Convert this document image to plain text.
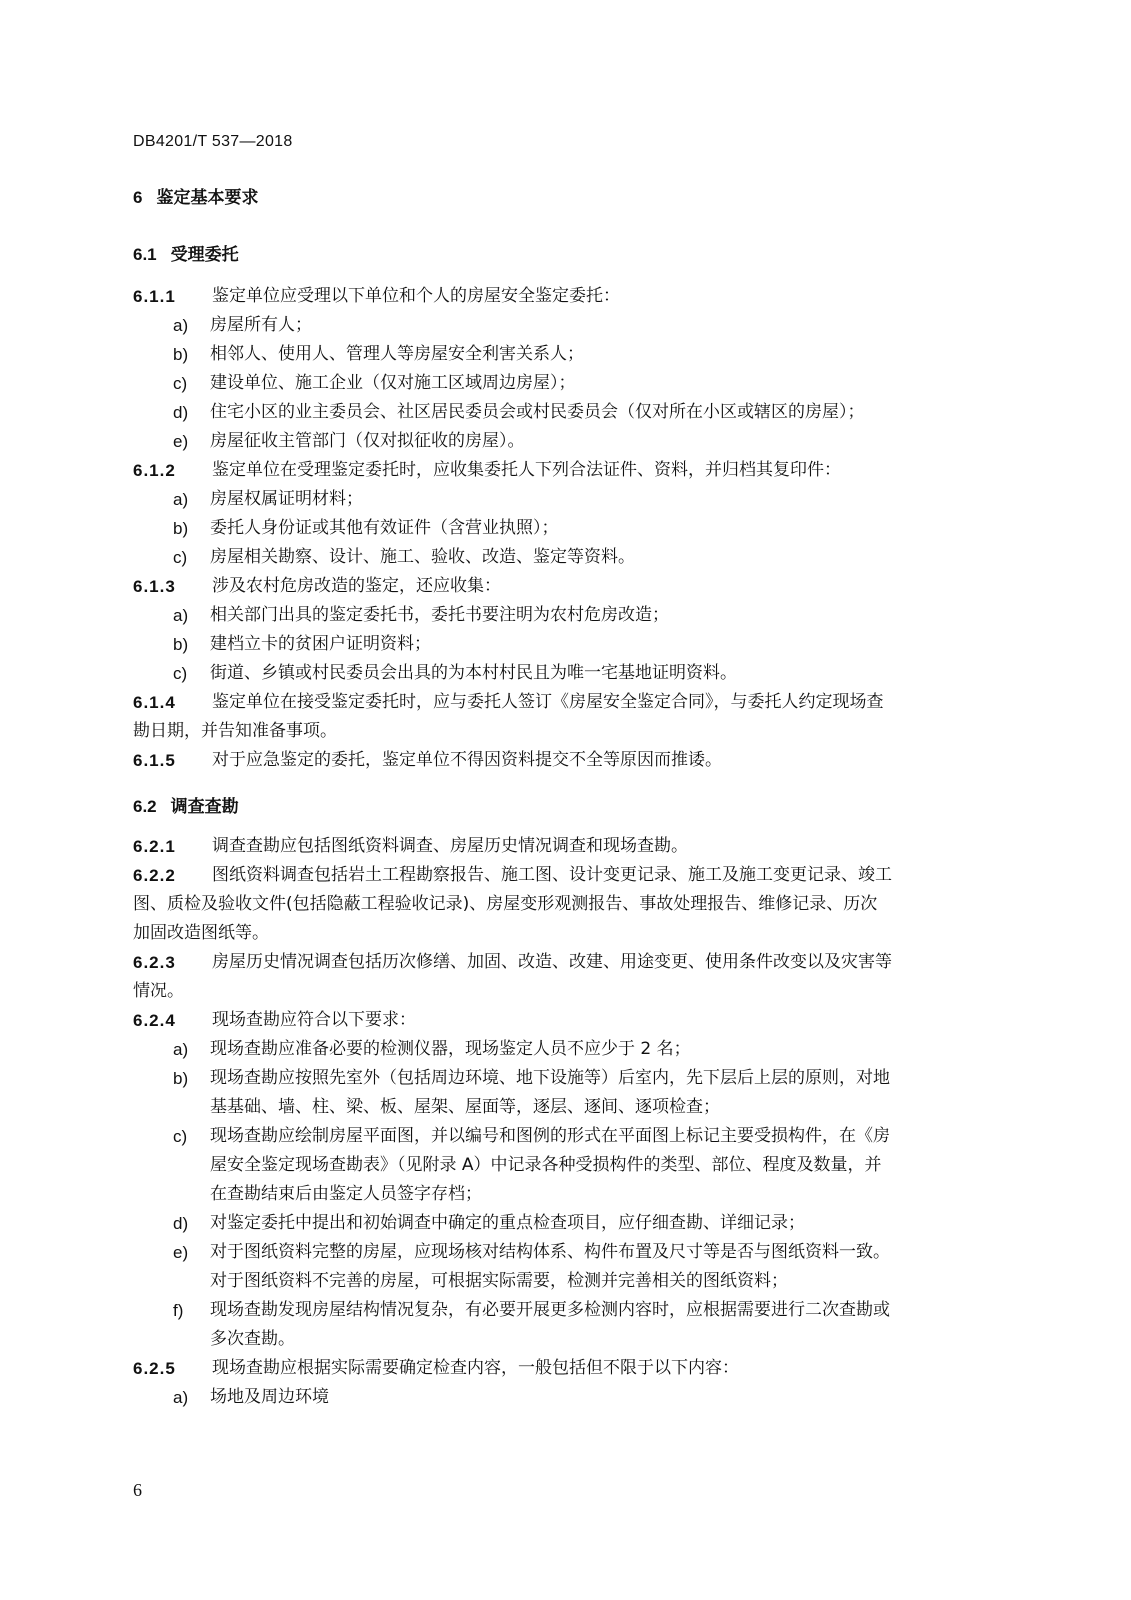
DB4201/T 537—2018
6 鉴定基本要求
6.1 受理委托
6.1.1 鉴定单位应受理以下单位和个人的房屋安全鉴定委托：
a) 房屋所有人；
b) 相邻人、使用人、管理人等房屋安全利害关系人；
c) 建设单位、施工企业（仅对施工区域周边房屋）；
d) 住宅小区的业主委员会、社区居民委员会或村民委员会（仅对所在小区或辖区的房屋）；
e) 房屋征收主管部门（仅对拟征收的房屋）。
6.1.2 鉴定单位在受理鉴定委托时，应收集委托人下列合法证件、资料，并归档其复印件：
a) 房屋权属证明材料；
b) 委托人身份证或其他有效证件（含营业执照）；
c) 房屋相关勘察、设计、施工、验收、改造、鉴定等资料。
6.1.3 涉及农村危房改造的鉴定，还应收集：
a) 相关部门出具的鉴定委托书，委托书要注明为农村危房改造；
b) 建档立卡的贫困户证明资料；
c) 街道、乡镇或村民委员会出具的为本村村民且为唯一宅基地证明资料。
6.1.4 鉴定单位在接受鉴定委托时，应与委托人签订《房屋安全鉴定合同》，与委托人约定现场查
勘日期，并告知准备事项。
6.1.5 对于应急鉴定的委托，鉴定单位不得因资料提交不全等原因而推诿。
6.2 调查查勘
6.2.1 调查查勘应包括图纸资料调查、房屋历史情况调查和现场查勘。
6.2.2 图纸资料调查包括岩土工程勘察报告、施工图、设计变更记录、施工及施工变更记录、竣工
图、质检及验收文件(包括隐蔽工程验收记录)、房屋变形观测报告、事故处理报告、维修记录、历次
加固改造图纸等。
6.2.3 房屋历史情况调查包括历次修缮、加固、改造、改建、用途变更、使用条件改变以及灾害等
情况。
6.2.4 现场查勘应符合以下要求：
a) 现场查勘应准备必要的检测仪器，现场鉴定人员不应少于 2 名；
b) 现场查勘应按照先室外（包括周边环境、地下设施等）后室内，先下层后上层的原则，对地
基基础、墙、柱、梁、板、屋架、屋面等，逐层、逐间、逐项检查；
c) 现场查勘应绘制房屋平面图，并以编号和图例的形式在平面图上标记主要受损构件，在《房
屋安全鉴定现场查勘表》（见附录 A）中记录各种受损构件的类型、部位、程度及数量，并
在查勘结束后由鉴定人员签字存档；
d) 对鉴定委托中提出和初始调查中确定的重点检查项目，应仔细查勘、详细记录；
e) 对于图纸资料完整的房屋，应现场核对结构体系、构件布置及尺寸等是否与图纸资料一致。
对于图纸资料不完善的房屋，可根据实际需要，检测并完善相关的图纸资料；
f) 现场查勘发现房屋结构情况复杂，有必要开展更多检测内容时，应根据需要进行二次查勘或
多次查勘。
6.2.5 现场查勘应根据实际需要确定检查内容，一般包括但不限于以下内容：
a) 场地及周边环境
6
